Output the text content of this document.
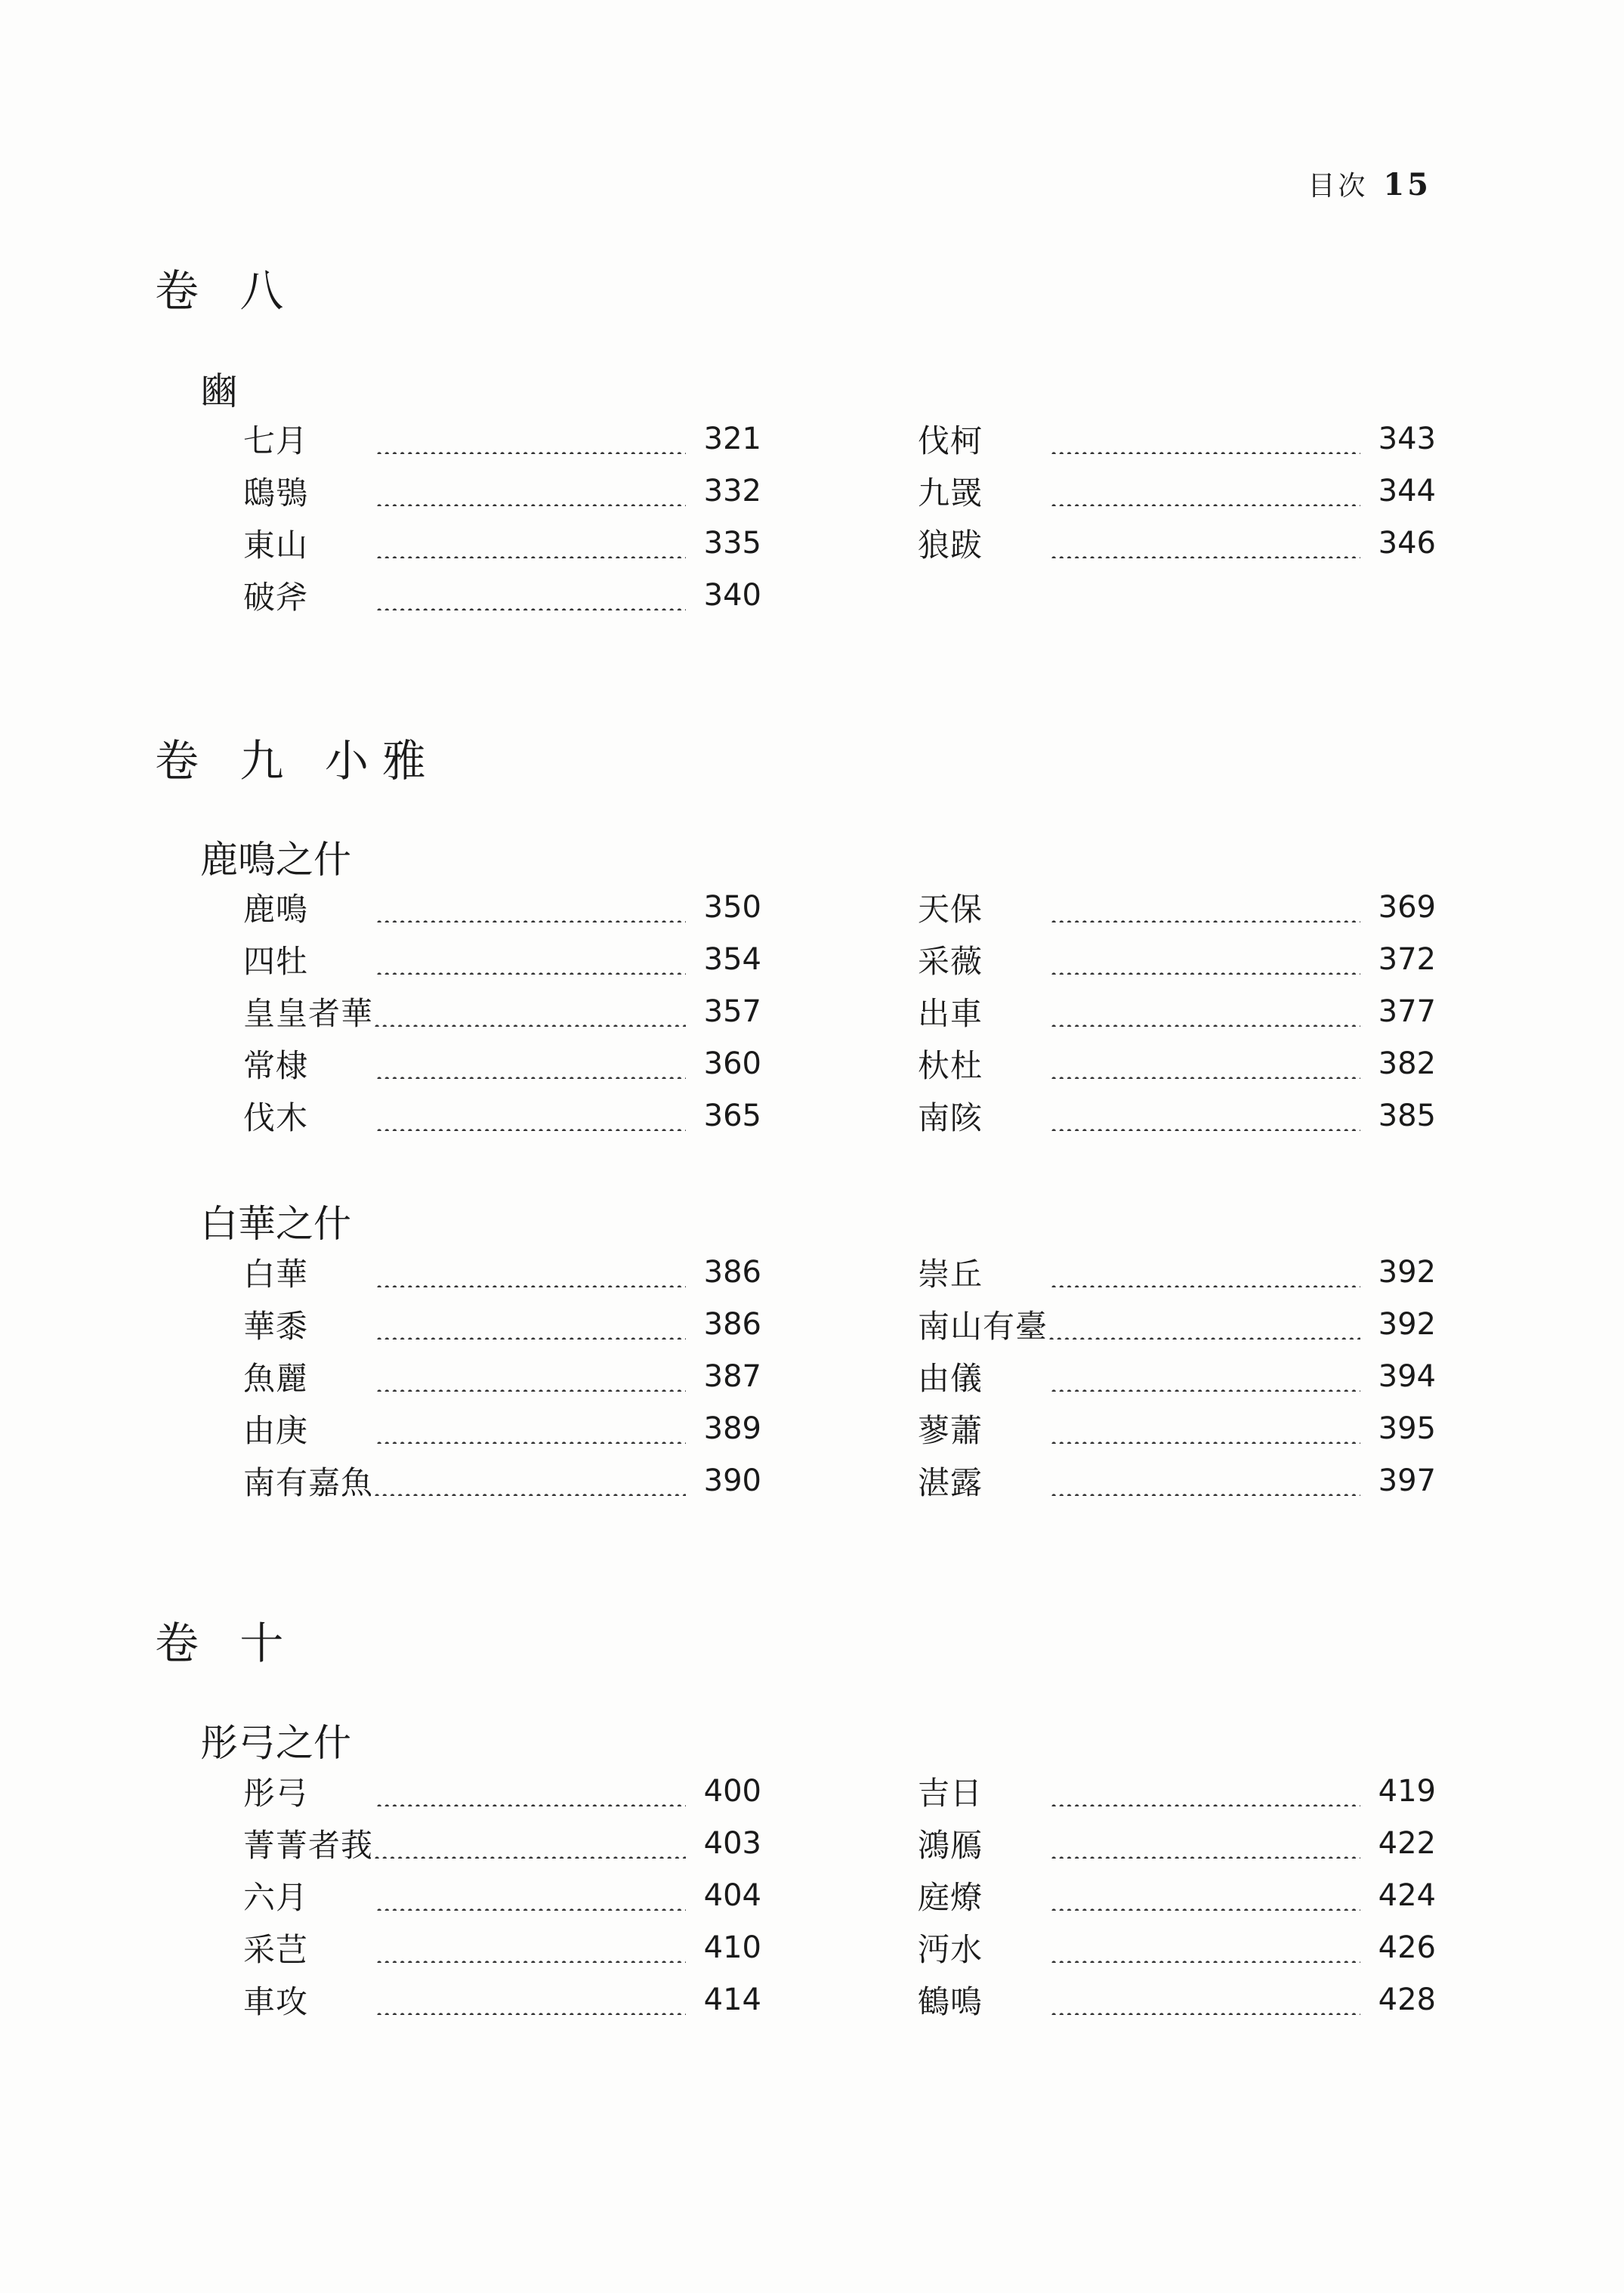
目次 15
卷 八
豳
卷 九 小雅
鹿鳴之什
白華之什
卷 十
彤弓之什
七月	321
鴟鴞	332
東山	335
破斧	340
伐柯	343
九罭	344
狼跋	346
鹿鳴	350
四牡	354
皇皇者華	357
常棣	360
伐木	365
天保	369
采薇	372
出車	377
杕杜	382
南陔	385
白華	386
華黍	386
魚麗	387
由庚	389
南有嘉魚	390
崇丘	392
南山有臺	392
由儀	394
蓼蕭	395
湛露	397
彤弓	400
菁菁者莪	403
六月	404
采芑	410
車攻	414
吉日	419
鴻鴈	422
庭燎	424
沔水	426
鶴鳴	428
